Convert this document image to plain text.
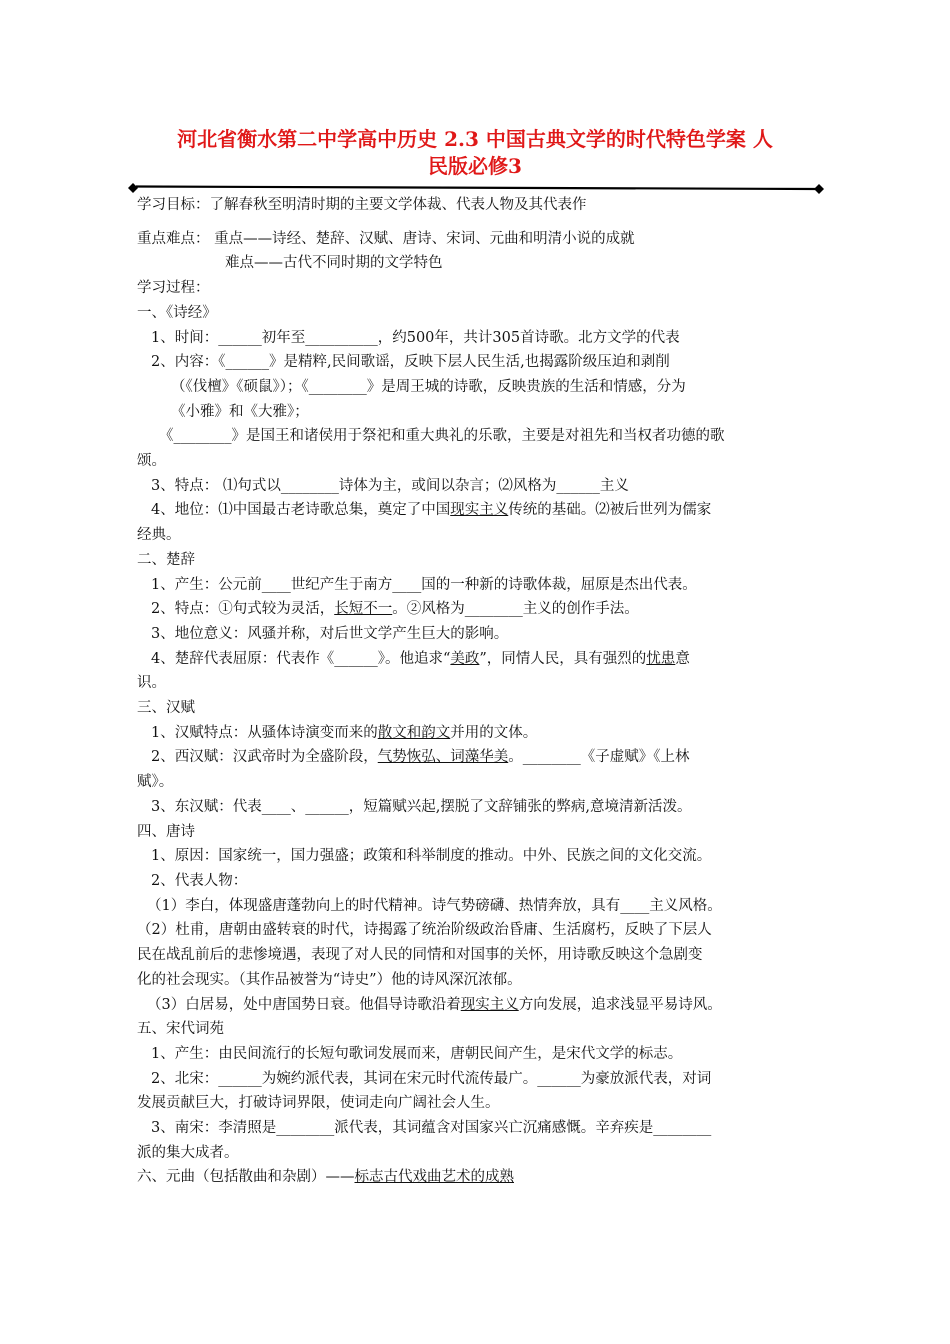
河北省衡水第二中学高中历史 2.3 中国古典文学的时代特色学案 人
民版必修3
学习目标：了解春秋至明清时期的主要文学体裁、代表人物及其代表作
重点难点： 重点——诗经、楚辞、汉赋、唐诗、宋词、元曲和明清小说的成就
难点——古代不同时期的文学特色
学习过程：
一、《诗经》
1、时间：______初年至__________，约500年，共计305首诗歌。北方文学的代表
2、内容：《______》是精粹,民间歌谣，反映下层人民生活,也揭露阶级压迫和剥削
（《伐檀》《硕鼠》）；《________》是周王城的诗歌，反映贵族的生活和情感，分为
《小雅》和《大雅》；
《________》是国王和诸侯用于祭祀和重大典礼的乐歌，主要是对祖先和当权者功德的歌
颂。
3、特点： ⑴句式以________诗体为主，或间以杂言；⑵风格为______主义
4、地位：⑴中国最古老诗歌总集，奠定了中国现实主义传统的基础。⑵被后世列为儒家
经典。
二、楚辞
1、产生：公元前____世纪产生于南方____国的一种新的诗歌体裁，屈原是杰出代表。
2、特点：①句式较为灵活，长短不一。②风格为________主义的创作手法。
3、地位意义：风骚并称，对后世文学产生巨大的影响。
4、楚辞代表屈原：代表作《______》。他追求“美政”，同情人民，具有强烈的忧患意
识。
三、汉赋
1、汉赋特点：从骚体诗演变而来的散文和韵文并用的文体。
2、西汉赋：汉武帝时为全盛阶段，气势恢弘、词藻华美。________《子虚赋》《上林
赋》。
3、东汉赋：代表____、______，短篇赋兴起,摆脱了文辞铺张的弊病,意境清新活泼。
四、唐诗
1、原因：国家统一，国力强盛；政策和科举制度的推动。中外、民族之间的文化交流。
2、代表人物：
（1）李白，体现盛唐蓬勃向上的时代精神。诗气势磅礴、热情奔放，具有____主义风格。
（2）杜甫，唐朝由盛转衰的时代，诗揭露了统治阶级政治昏庸、生活腐朽，反映了下层人
民在战乱前后的悲惨境遇，表现了对人民的同情和对国事的关怀，用诗歌反映这个急剧变
化的社会现实。（其作品被誉为“诗史”）他的诗风深沉浓郁。
（3）白居易，处中唐国势日衰。他倡导诗歌沿着现实主义方向发展，追求浅显平易诗风。
五、宋代词苑
1、产生：由民间流行的长短句歌词发展而来，唐朝民间产生，是宋代文学的标志。
2、北宋：______为婉约派代表，其词在宋元时代流传最广。______为豪放派代表，对词
发展贡献巨大，打破诗词界限，使词走向广阔社会人生。
3、南宋：李清照是________派代表，其词蕴含对国家兴亡沉痛感慨。辛弃疾是________
派的集大成者。
六、元曲（包括散曲和杂剧）——标志古代戏曲艺术的成熟
